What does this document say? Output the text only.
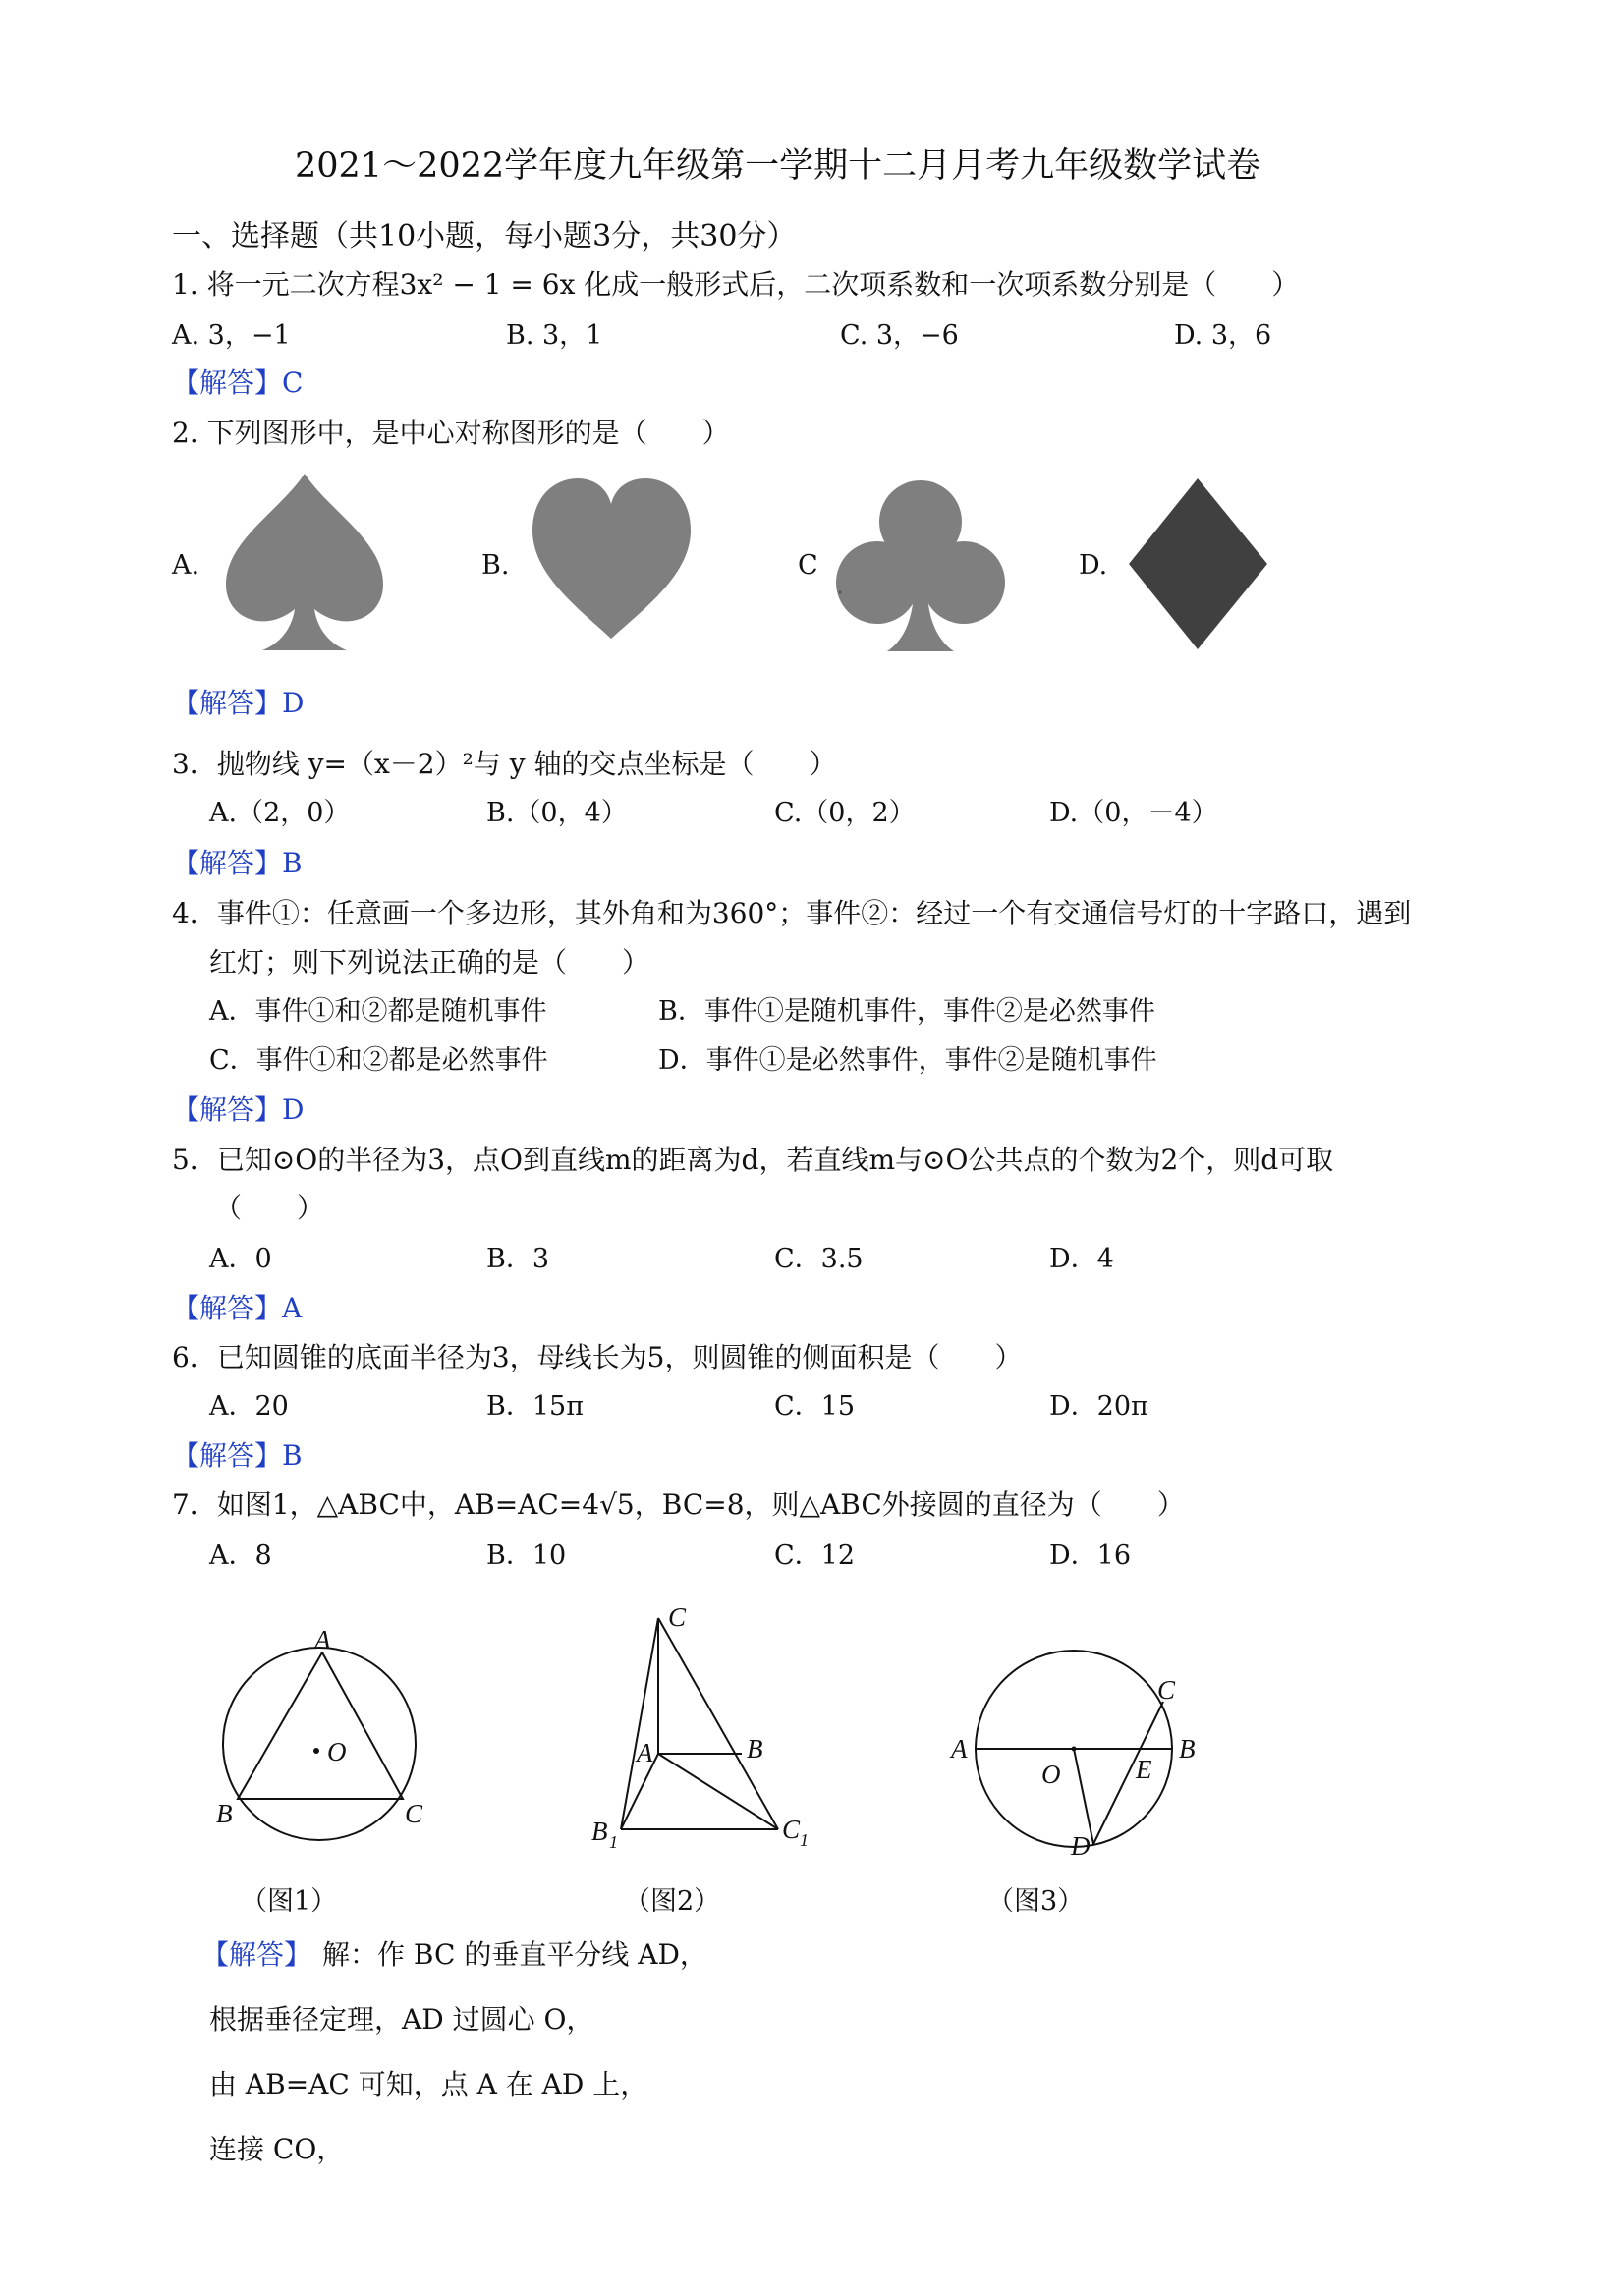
2021～2022学年度九年级第一学期十二月月考九年级数学试卷
一、选择题（共10小题，每小题3分，共30分）
1. 将一元二次方程3x² − 1 = 6x 化成一般形式后，二次项系数和一次项系数分别是（　　）
A. 3，−1	B. 3，1	C. 3，−6	D. 3，6
【解答】C
2. 下列图形中，是中心对称图形的是（　　）
A.	B.	C	D.
【解答】D
3．抛物线 y=（x－2）²与 y 轴的交点坐标是（　　）
A.（2，0）	B.（0，4）	C.（0，2）	D.（0，－4）
【解答】B
4．事件①：任意画一个多边形，其外角和为360°；事件②：经过一个有交通信号灯的十字路口，遇到
红灯；则下列说法正确的是（　　）
A．事件①和②都是随机事件	B．事件①是随机事件，事件②是必然事件
C．事件①和②都是必然事件	D．事件①是必然事件，事件②是随机事件
【解答】D
5．已知⊙O的半径为3，点O到直线m的距离为d，若直线m与⊙O公共点的个数为2个，则d可取
（　　）
A．0	B．3	C．3.5	D．4
【解答】A
6．已知圆锥的底面半径为3，母线长为5，则圆锥的侧面积是（　　）
A．20	B．15π	C．15	D．20π
【解答】B
7．如图1，△ABC中，AB=AC=4√5，BC=8，则△ABC外接圆的直径为（　　）
A．8	B．10	C．12	D．16
A
B	C
O
C
A	B
B 1	C 1
A	B
C
D
E
O
（图1）	（图2）	（图3）
【解答】 解：作 BC 的垂直平分线 AD，
根据垂径定理，AD 过圆心 O，
由 AB=AC 可知，点 A 在 AD 上，
连接 CO，
